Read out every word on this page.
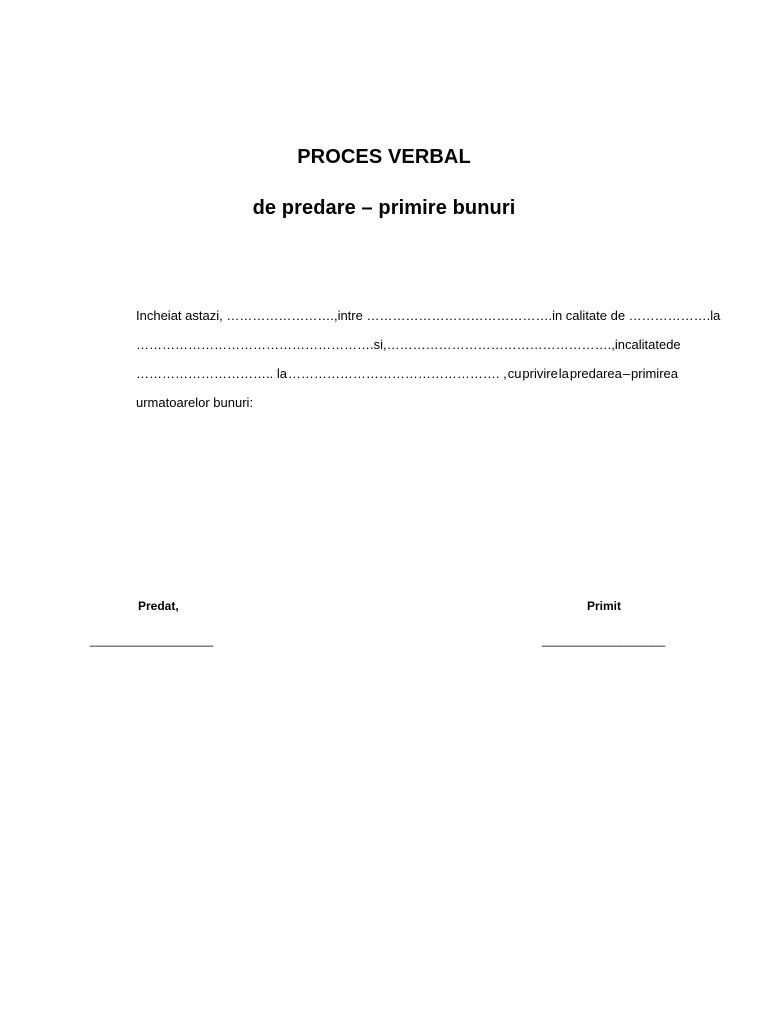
PROCES VERBAL
de predare – primire bunuri
Incheiat astazi, ……………………., intre ……………………………………. in calitate de ………………. la
……………………………………………….si, ……………………………………………., in calitate de
………………………….. la …………………………………………. , cu privire la predarea – primirea
urmatoarelor bunuri:
Predat,	Primit
___________________	___________________
